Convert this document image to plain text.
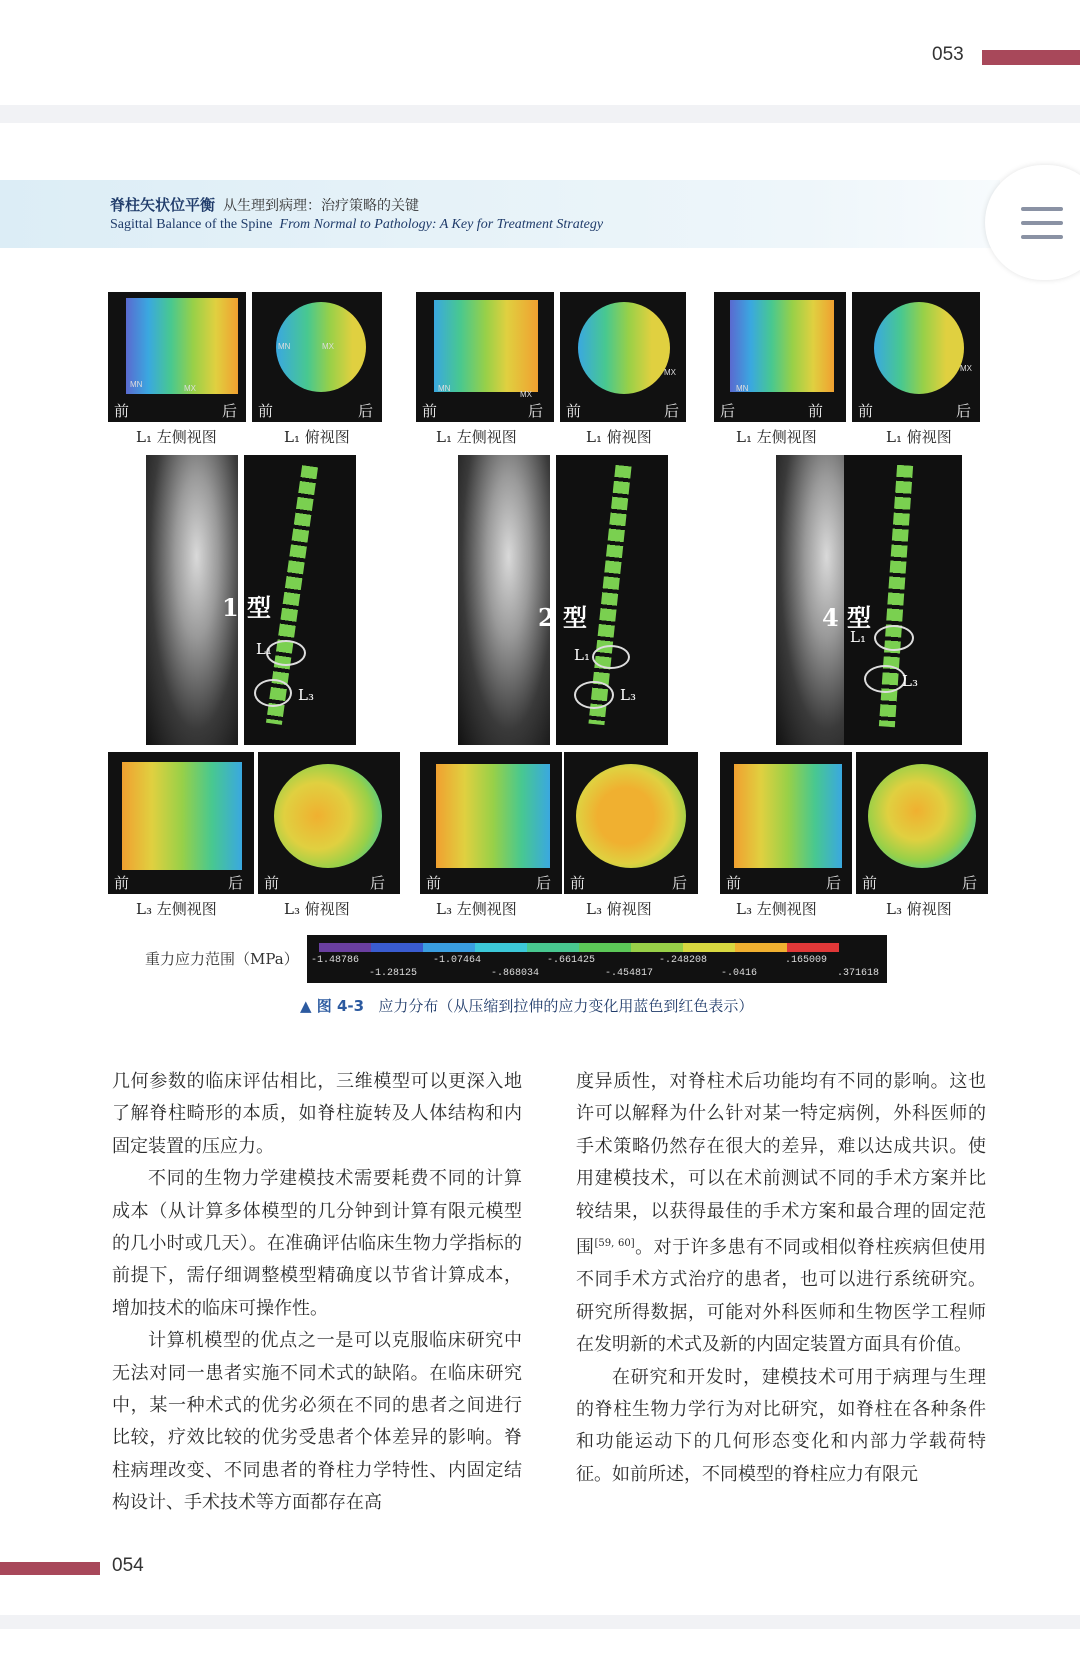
053
脊柱矢状位平衡 从生理到病理：治疗策略的关键
Sagittal Balance of the Spine From Normal to Pathology: A Key for Treatment Strategy
MN	MX
前	后
MN	MX
前	后
L₁ 左侧视图	L₁ 俯视图
1 型
L₁
L₃
前	后 前	后
L₃ 左侧视图	L₃ 俯视图
MN
MX
前	后
MX
前	后
L₁ 左侧视图	L₁ 俯视图
2 型
L₁
L₃
前	后 前	后
L₃ 左侧视图	L₃ 俯视图
MN
后	前
MX
前	后
L₁ 左侧视图	L₁ 俯视图
4 型
L₁
L₃
前	后 前	后
L₃ 左侧视图	L₃ 俯视图
重力应力范围（MPa） -1.48786	-1.07464	-.661425	-.248208	.165009
-1.28125	-.868034	-.454817	-.0416	.371618
▲ 图 4-3 应力分布（从压缩到拉伸的应力变化用蓝色到红色表示）

几何参数的临床评估相比，三维模型可以更深入地了解脊柱畸形的本质，如脊柱旋转及人体结构和内固定装置的压应力。

不同的生物力学建模技术需要耗费不同的计算成本（从计算多体模型的几分钟到计算有限元模型的几小时或几天）。在准确评估临床生物力学指标的前提下，需仔细调整模型精确度以节省计算成本，增加技术的临床可操作性。

计算机模型的优点之一是可以克服临床研究中无法对同一患者实施不同术式的缺陷。在临床研究中，某一种术式的优劣必须在不同的患者之间进行比较，疗效比较的优劣受患者个体差异的影响。脊柱病理改变、不同患者的脊柱力学特性、内固定结构设计、手术技术等方面都存在高

度异质性，对脊柱术后功能均有不同的影响。这也许可以解释为什么针对某一特定病例，外科医师的手术策略仍然存在很大的差异，难以达成共识。使用建模技术，可以在术前测试不同的手术方案并比较结果，以获得最佳的手术方案和最合理的固定范围[59, 60]。对于许多患有不同或相似脊柱疾病但使用不同手术方式治疗的患者，也可以进行系统研究。研究所得数据，可能对外科医师和生物医学工程师在发明新的术式及新的内固定装置方面具有价值。

在研究和开发时，建模技术可用于病理与生理的脊柱生物力学行为对比研究，如脊柱在各种条件和功能运动下的几何形态变化和内部力学载荷特征。如前所述，不同模型的脊柱应力有限元

054
